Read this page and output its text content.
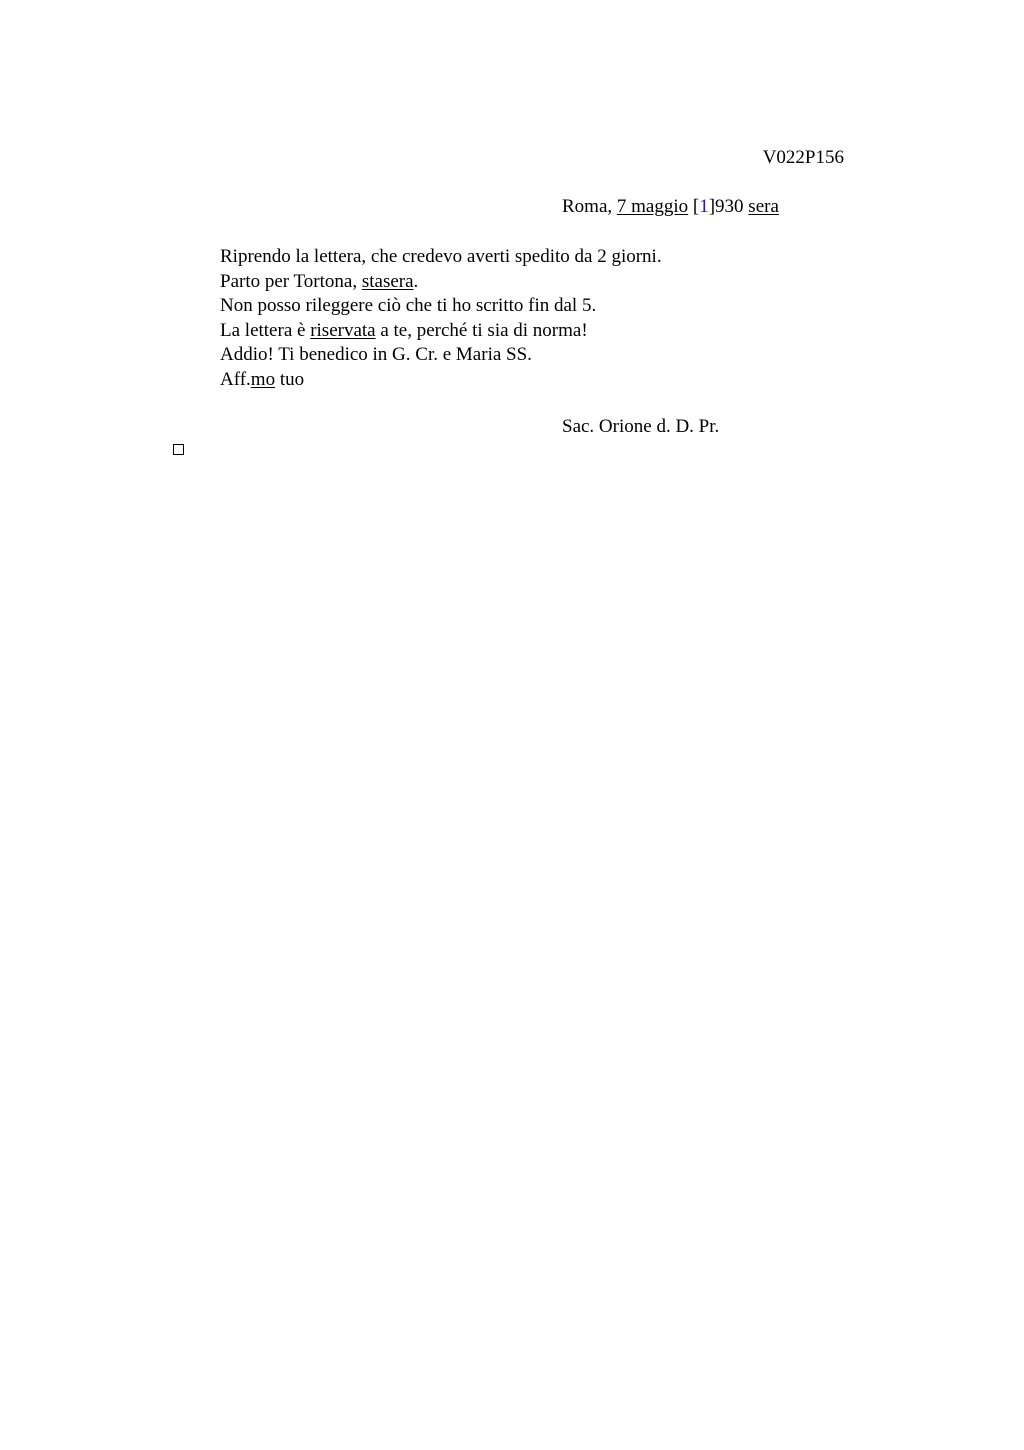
V022P156
Roma, 7 maggio [1]930 sera
Riprendo la lettera, che credevo averti spedito da 2 giorni.
Parto per Tortona, stasera.
Non posso rileggere ciò che ti ho scritto fin dal 5.
La lettera è riservata a te, perché ti sia di norma!
Addio! Ti benedico in G. Cr. e Maria SS.
Aff.mo tuo
Sac. Orione d. D. Pr.
